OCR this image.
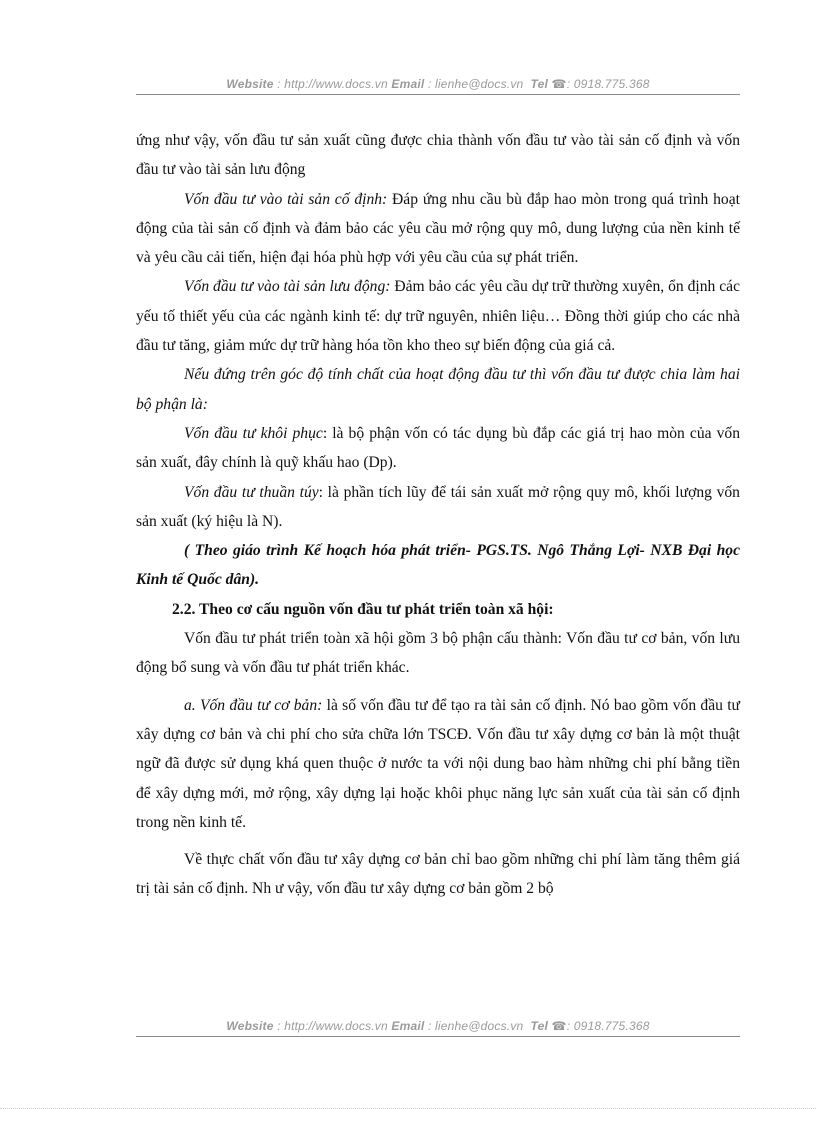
Website : http://www.docs.vn Email : lienhe@docs.vn Tel ☎: 0918.775.368

ứng như vậy, vốn đầu tư sản xuất cũng được chia thành vốn đầu tư vào tài sản cố định và vốn đầu tư vào tài sản lưu động

Vốn đầu tư vào tài sản cố định: Đáp ứng nhu cầu bù đắp hao mòn trong quá trình hoạt động của tài sản cố định và đảm bảo các yêu cầu mở rộng quy mô, dung lượng của nền kinh tế và yêu cầu cải tiến, hiện đại hóa phù hợp với yêu cầu của sự phát triển.

Vốn đầu tư vào tài sản lưu động: Đảm bảo các yêu cầu dự trữ thường xuyên, ổn định các yếu tố thiết yếu của các ngành kinh tế: dự trữ nguyên, nhiên liệu… Đồng thời giúp cho các nhà đầu tư tăng, giảm mức dự trữ hàng hóa tồn kho theo sự biến động của giá cả.

Nếu đứng trên góc độ tính chất của hoạt động đầu tư thì vốn đầu tư được chia làm hai bộ phận là:

Vốn đầu tư khôi phục: là bộ phận vốn có tác dụng bù đắp các giá trị hao mòn của vốn sản xuất, đây chính là quỹ khấu hao (Dp).

Vốn đầu tư thuần túy: là phần tích lũy để tái sản xuất mở rộng quy mô, khối lượng vốn sản xuất (ký hiệu là N).

( Theo giáo trình Kế hoạch hóa phát triển- PGS.TS. Ngô Thắng Lợi- NXB Đại học Kinh tế Quốc dân).

2.2. Theo cơ cấu nguồn vốn đầu tư phát triển toàn xã hội:

Vốn đầu tư phát triển toàn xã hội gồm 3 bộ phận cấu thành: Vốn đầu tư cơ bản, vốn lưu động bổ sung và vốn đầu tư phát triển khác.

a. Vốn đầu tư cơ bản: là số vốn đầu tư để tạo ra tài sản cố định. Nó bao gồm vốn đầu tư xây dựng cơ bản và chi phí cho sửa chữa lớn TSCĐ. Vốn đầu tư xây dựng cơ bản là một thuật ngữ đã được sử dụng khá quen thuộc ở nước ta với nội dung bao hàm những chi phí bằng tiền để xây dựng mới, mở rộng, xây dựng lại hoặc khôi phục năng lực sản xuất của tài sản cố định trong nền kinh tế.

Về thực chất vốn đầu tư xây dựng cơ bản chỉ bao gồm những chi phí làm tăng thêm giá trị tài sản cố định. Nh ư vậy, vốn đầu tư xây dựng cơ bản gồm 2 bộ

Website : http://www.docs.vn Email : lienhe@docs.vn Tel ☎: 0918.775.368
